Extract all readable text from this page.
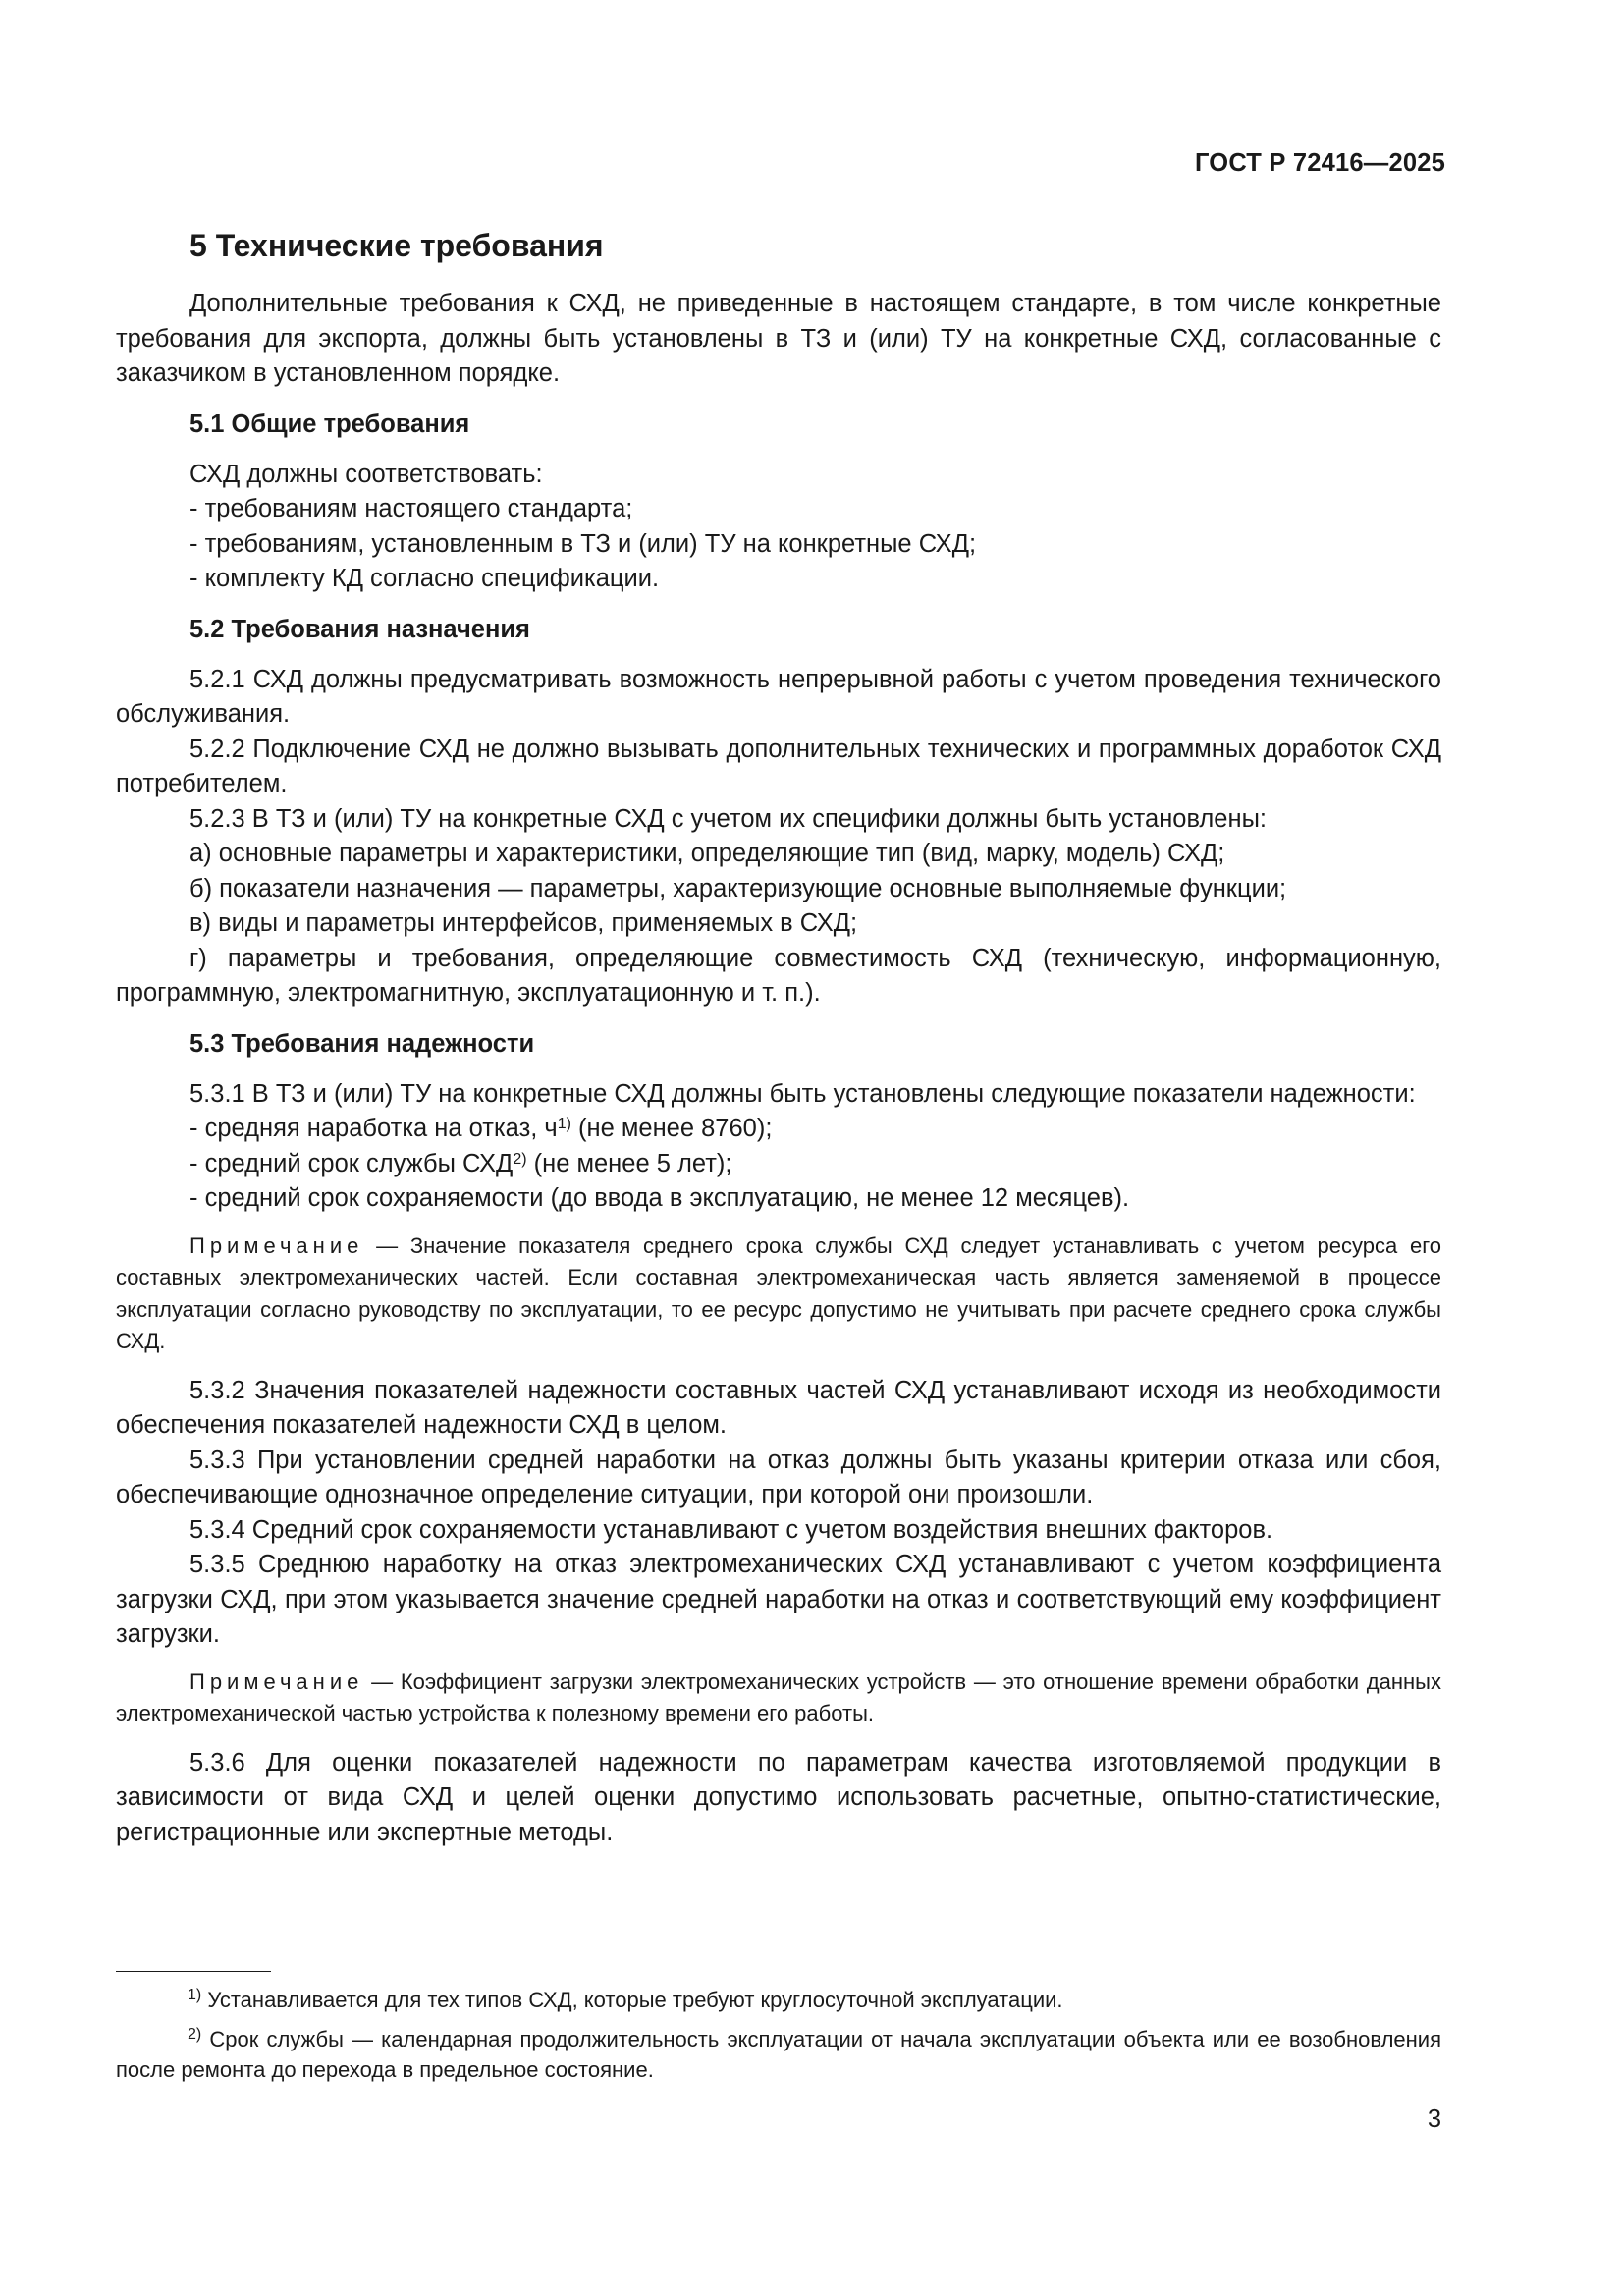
ГОСТ Р 72416—2025
5 Технические требования

Дополнительные требования к СХД, не приведенные в настоящем стандарте, в том числе конкретные требования для экспорта, должны быть установлены в ТЗ и (или) ТУ на конкретные СХД, согласованные с заказчиком в установленном порядке.

5.1 Общие требования

СХД должны соответствовать:

- требованиям настоящего стандарта;

- требованиям, установленным в ТЗ и (или) ТУ на конкретные СХД;

- комплекту КД согласно спецификации.

5.2 Требования назначения

5.2.1 СХД должны предусматривать возможность непрерывной работы с учетом проведения технического обслуживания.

5.2.2 Подключение СХД не должно вызывать дополнительных технических и программных доработок СХД потребителем.

5.2.3 В ТЗ и (или) ТУ на конкретные СХД с учетом их специфики должны быть установлены:

а) основные параметры и характеристики, определяющие тип (вид, марку, модель) СХД;

б) показатели назначения — параметры, характеризующие основные выполняемые функции;

в) виды и параметры интерфейсов, применяемых в СХД;

г) параметры и требования, определяющие совместимость СХД (техническую, информационную, программную, электромагнитную, эксплуатационную и т. п.).

5.3 Требования надежности

5.3.1 В ТЗ и (или) ТУ на конкретные СХД должны быть установлены следующие показатели надежности:

- средняя наработка на отказ, $ч^{1)}$ (не менее 8760);

- средний срок службы СХД$^{2)}$ (не менее 5 лет);

- средний срок сохраняемости (до ввода в эксплуатацию, не менее 12 месяцев).

Примечание — Значение показателя среднего срока службы СХД следует устанавливать с учетом ресурса его составных электромеханических частей. Если составная электромеханическая часть является заменяемой в процессе эксплуатации согласно руководству по эксплуатации, то ее ресурс допустимо не учитывать при расчете среднего срока службы СХД.

5.3.2 Значения показателей надежности составных частей СХД устанавливают исходя из необходимости обеспечения показателей надежности СХД в целом.

5.3.3 При установлении средней наработки на отказ должны быть указаны критерии отказа или сбоя, обеспечивающие однозначное определение ситуации, при которой они произошли.

5.3.4 Средний срок сохраняемости устанавливают с учетом воздействия внешних факторов.

5.3.5 Среднюю наработку на отказ электромеханических СХД устанавливают с учетом коэффициента загрузки СХД, при этом указывается значение средней наработки на отказ и соответствующий ему коэффициент загрузки.

Примечание — Коэффициент загрузки электромеханических устройств — это отношение времени обработки данных электромеханической частью устройства к полезному времени его работы.

5.3.6 Для оценки показателей надежности по параметрам качества изготовляемой продукции в зависимости от вида СХД и целей оценки допустимо использовать расчетные, опытно-статистические, регистрационные или экспертные методы.

$^{1)}$ Устанавливается для тех типов СХД, которые требуют круглосуточной эксплуатации.

$^{2)}$ Срок службы — календарная продолжительность эксплуатации от начала эксплуатации объекта или ее возобновления после ремонта до перехода в предельное состояние.

3
